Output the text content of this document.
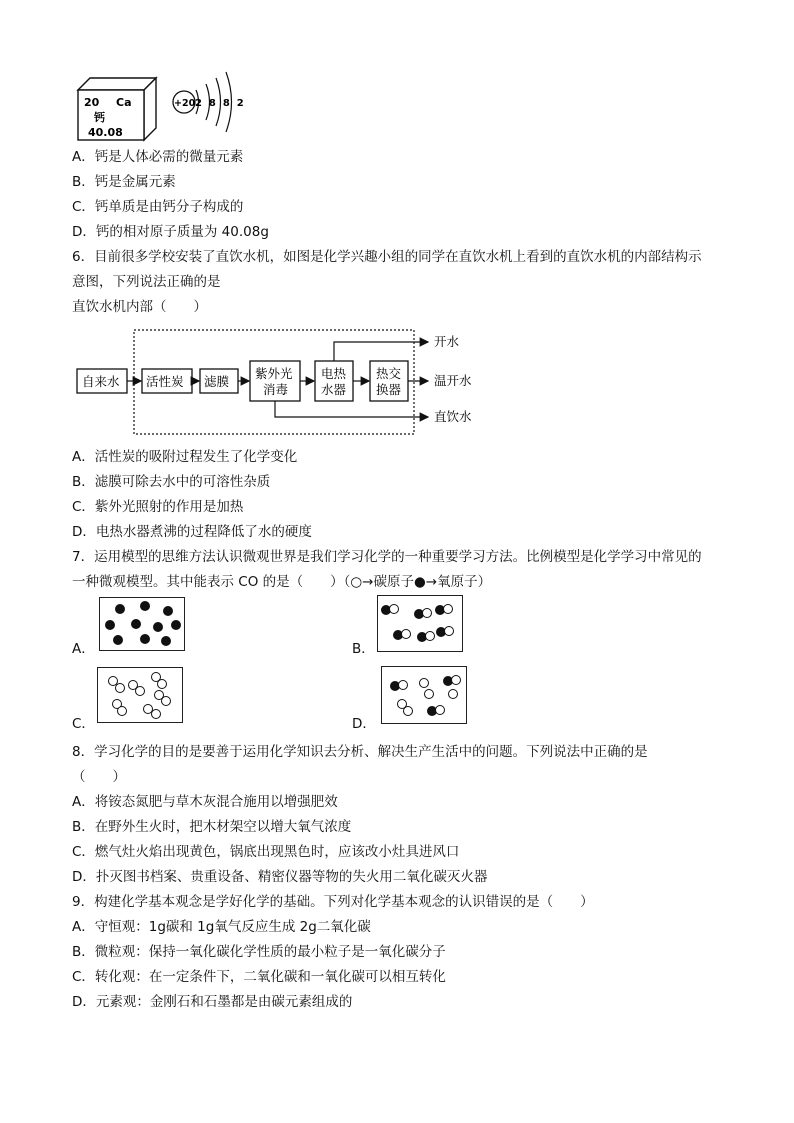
20 Ca
钙
40.08
+20 2  8  8  2
A．钙是人体必需的微量元素
B．钙是金属元素
C．钙单质是由钙分子构成的
D．钙的相对原子质量为 40.08g
6．目前很多学校安装了直饮水机，如图是化学兴趣小组的同学在直饮水机上看到的直饮水机的内部结构示
意图，下列说法正确的是
直饮水机内部（　　）
自来水 活性炭 滤膜
紫外光
消毒
电热
水器
热交
换器
开水
温开水
直饮水
A．活性炭的吸附过程发生了化学变化
B．滤膜可除去水中的可溶性杂质
C．紫外光照射的作用是加热
D．电热水器煮沸的过程降低了水的硬度
7．运用模型的思维方法认识微观世界是我们学习化学的一种重要学习方法。比例模型是化学学习中常见的
一种微观模型。其中能表示 CO 的是（　　）（○→碳原子●→氧原子）
A．	B．
C．	D．
8．学习化学的目的是要善于运用化学知识去分析、解决生产生活中的问题。下列说法中正确的是
（　　）
A．将铵态氮肥与草木灰混合施用以增强肥效
B．在野外生火时，把木材架空以增大氧气浓度
C．燃气灶火焰出现黄色，锅底出现黑色时，应该改小灶具进风口
D．扑灭图书档案、贵重设备、精密仪器等物的失火用二氧化碳灭火器
9．构建化学基本观念是学好化学的基础。下列对化学基本观念的认识错误的是（　　）
A．守恒观：1g碳和 1g氧气反应生成 2g二氧化碳
B．微粒观：保持一氧化碳化学性质的最小粒子是一氧化碳分子
C．转化观：在一定条件下，二氧化碳和一氧化碳可以相互转化
D．元素观：金刚石和石墨都是由碳元素组成的
